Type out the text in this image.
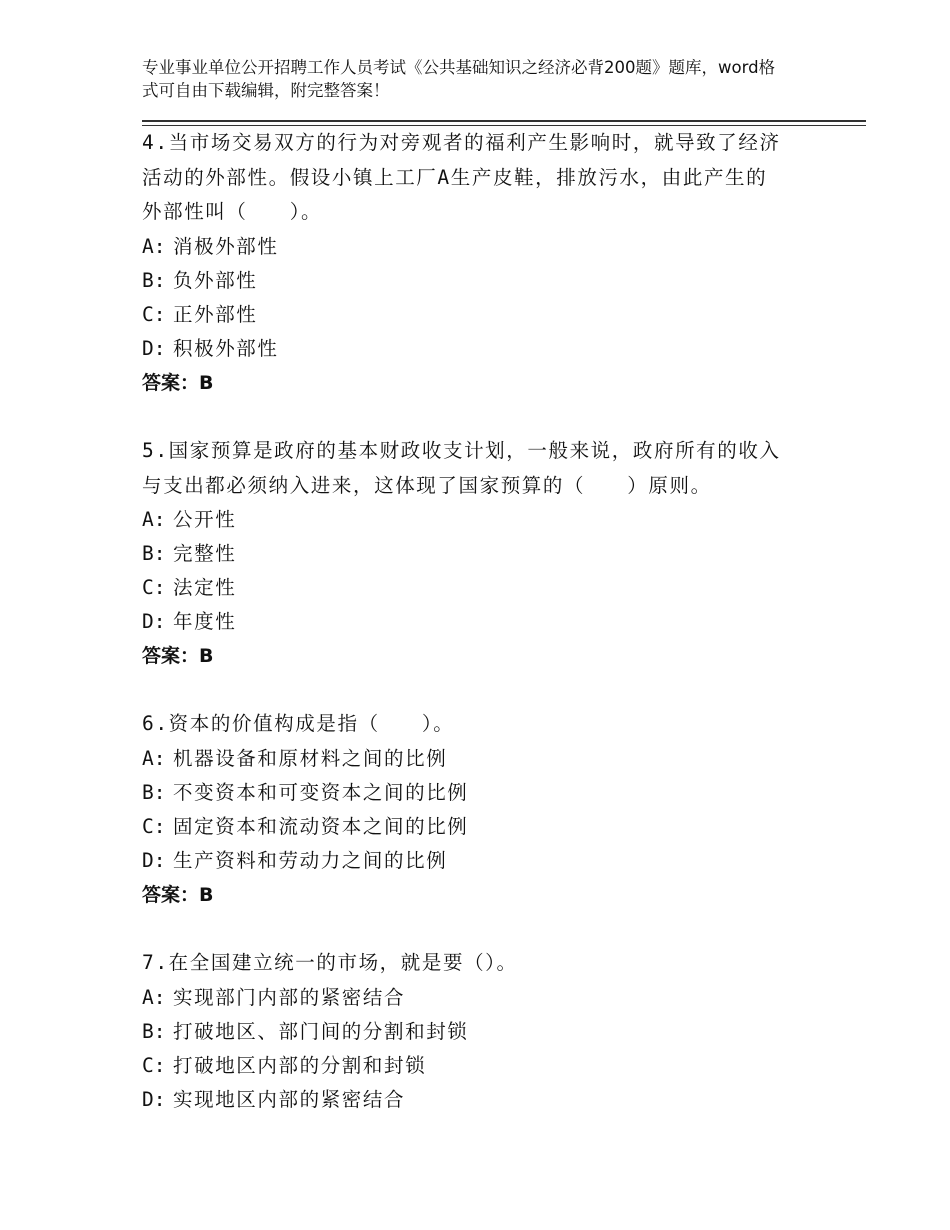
专业事业单位公开招聘工作人员考试《公共基础知识之经济必背200题》题库，word格式可自由下载编辑，附完整答案！

4.当市场交易双方的行为对旁观者的福利产生影响时，就导致了经济

活动的外部性。假设小镇上工厂A生产皮鞋，排放污水，由此产生的

外部性叫（　　）。

A: 消极外部性

B: 负外部性

C: 正外部性

D: 积极外部性

答案：B

5.国家预算是政府的基本财政收支计划，一般来说，政府所有的收入

与支出都必须纳入进来，这体现了国家预算的（　　）原则。

A: 公开性

B: 完整性

C: 法定性

D: 年度性

答案：B

6.资本的价值构成是指（　　）。

A: 机器设备和原材料之间的比例

B: 不变资本和可变资本之间的比例

C: 固定资本和流动资本之间的比例

D: 生产资料和劳动力之间的比例

答案：B

7.在全国建立统一的市场，就是要（）。

A: 实现部门内部的紧密结合

B: 打破地区、部门间的分割和封锁

C: 打破地区内部的分割和封锁

D: 实现地区内部的紧密结合
